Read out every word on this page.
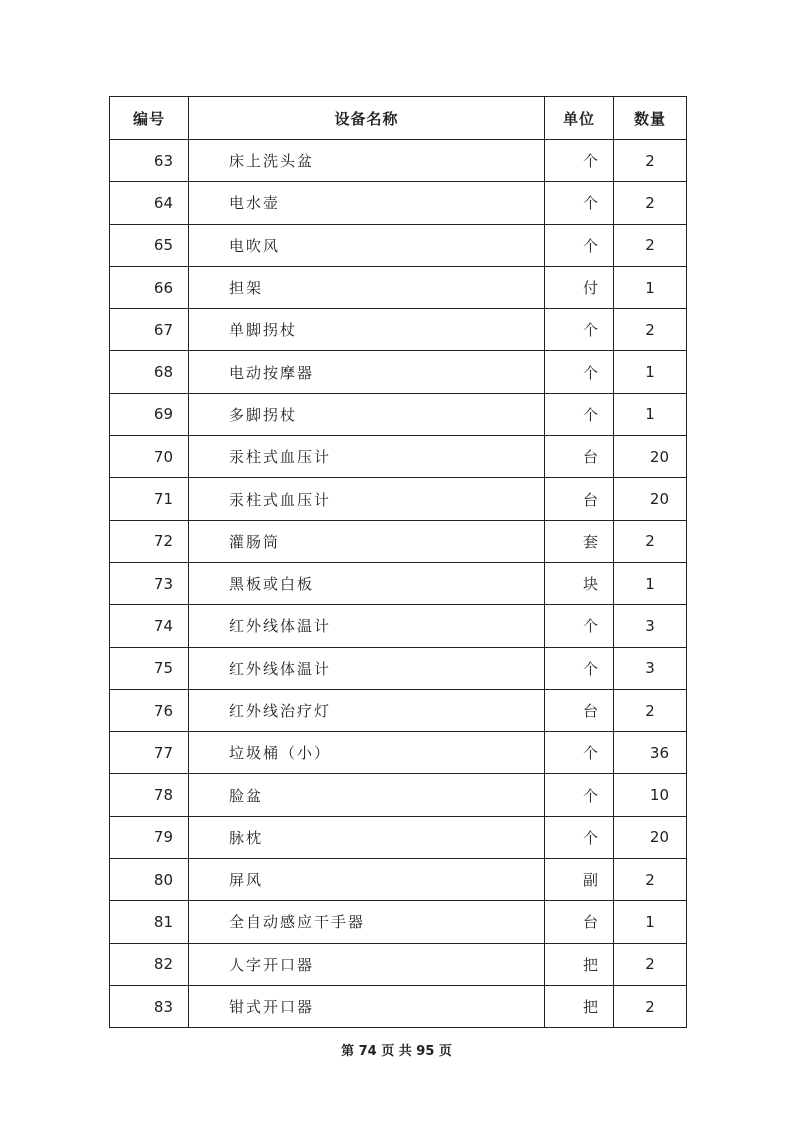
编号	设备名称	单位	数量
63	床上洗头盆	个	2
64	电水壶	个	2
65	电吹风	个	2
66	担架	付	1
67	单脚拐杖	个	2
68	电动按摩器	个	1
69	多脚拐杖	个	1
70	汞柱式血压计	台	20
71	汞柱式血压计	台	20
72	灌肠筒	套	2
73	黑板或白板	块	1
74	红外线体温计	个	3
75	红外线体温计	个	3
76	红外线治疗灯	台	2
77	垃圾桶（小）	个	36
78	脸盆	个	10
79	脉枕	个	20
80	屏风	副	2
81	全自动感应干手器	台	1
82	人字开口器	把	2
83	钳式开口器	把	2
第 74 页 共 95 页
